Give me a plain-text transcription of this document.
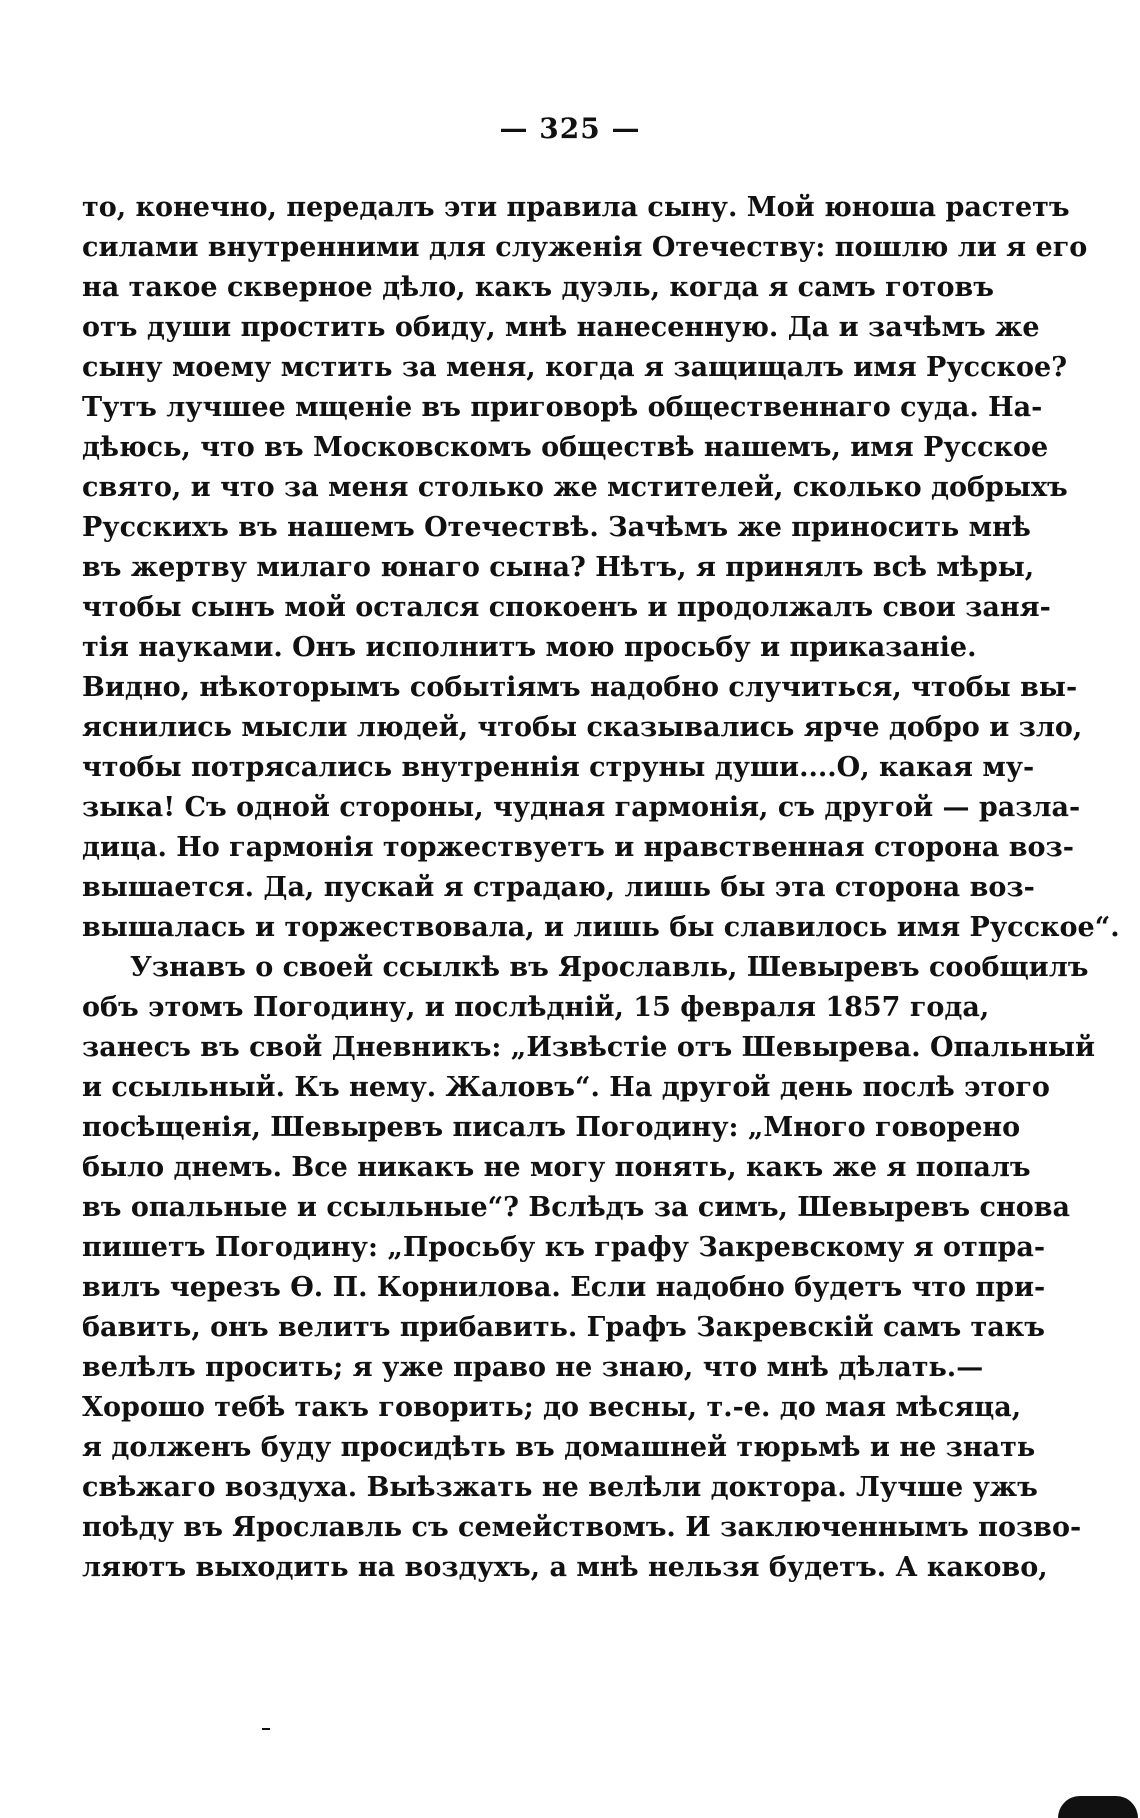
— 325 —
то, конечно, передалъ эти правила сыну. Мой юноша растетъ
силами внутренними для служенія Отечеству: пошлю ли я его
на такое скверное дѣло, какъ дуэль, когда я самъ готовъ
отъ души простить обиду, мнѣ нанесенную. Да и зачѣмъ же
сыну моему мстить за меня, когда я защищалъ имя Русское?
Тутъ лучшее мщеніе въ приговорѣ общественнаго суда. На-
дѣюсь, что въ Московскомъ обществѣ нашемъ, имя Русское
свято, и что за меня столько же мстителей, сколько добрыхъ
Русскихъ въ нашемъ Отечествѣ. Зачѣмъ же приносить мнѣ
въ жертву милаго юнаго сына? Нѣтъ, я принялъ всѣ мѣры,
чтобы сынъ мой остался спокоенъ и продолжалъ свои заня-
тія науками. Онъ исполнитъ мою просьбу и приказаніе.
Видно, нѣкоторымъ событіямъ надобно случиться, чтобы вы-
яснились мысли людей, чтобы сказывались ярче добро и зло,
чтобы потрясались внутреннія струны души....О, какая му-
зыка! Съ одной стороны, чудная гармонія, съ другой — разла-
дица. Но гармонія торжествуетъ и нравственная сторона воз-
вышается. Да, пускай я страдаю, лишь бы эта сторона воз-
вышалась и торжествовала, и лишь бы славилось имя Русское“.
Узнавъ о своей ссылкѣ въ Ярославль, Шевыревъ сообщилъ
объ этомъ Погодину, и послѣдній, 15 февраля 1857 года,
занесъ въ свой Дневникъ: „Извѣстіе отъ Шевырева. Опальный
и ссыльный. Къ нему. Жаловъ“. На другой день послѣ этого
посѣщенія, Шевыревъ писалъ Погодину: „Много говорено
было днемъ. Все никакъ не могу понять, какъ же я попалъ
въ опальные и ссыльные“? Вслѣдъ за симъ, Шевыревъ снова
пишетъ Погодину: „Просьбу къ графу Закревскому я отпра-
вилъ черезъ Ѳ. П. Корнилова. Если надобно будетъ что при-
бавить, онъ велитъ прибавить. Графъ Закревскій самъ такъ
велѣлъ просить; я уже право не знаю, что мнѣ дѣлать.—
Хорошо тебѣ такъ говорить; до весны, т.-е. до мая мѣсяца,
я долженъ буду просидѣть въ домашней тюрьмѣ и не знать
свѣжаго воздуха. Выѣзжать не велѣли доктора. Лучше ужъ
поѣду въ Ярославль съ семействомъ. И заключеннымъ позво-
ляютъ выходить на воздухъ, а мнѣ нельзя будетъ. А каково,
